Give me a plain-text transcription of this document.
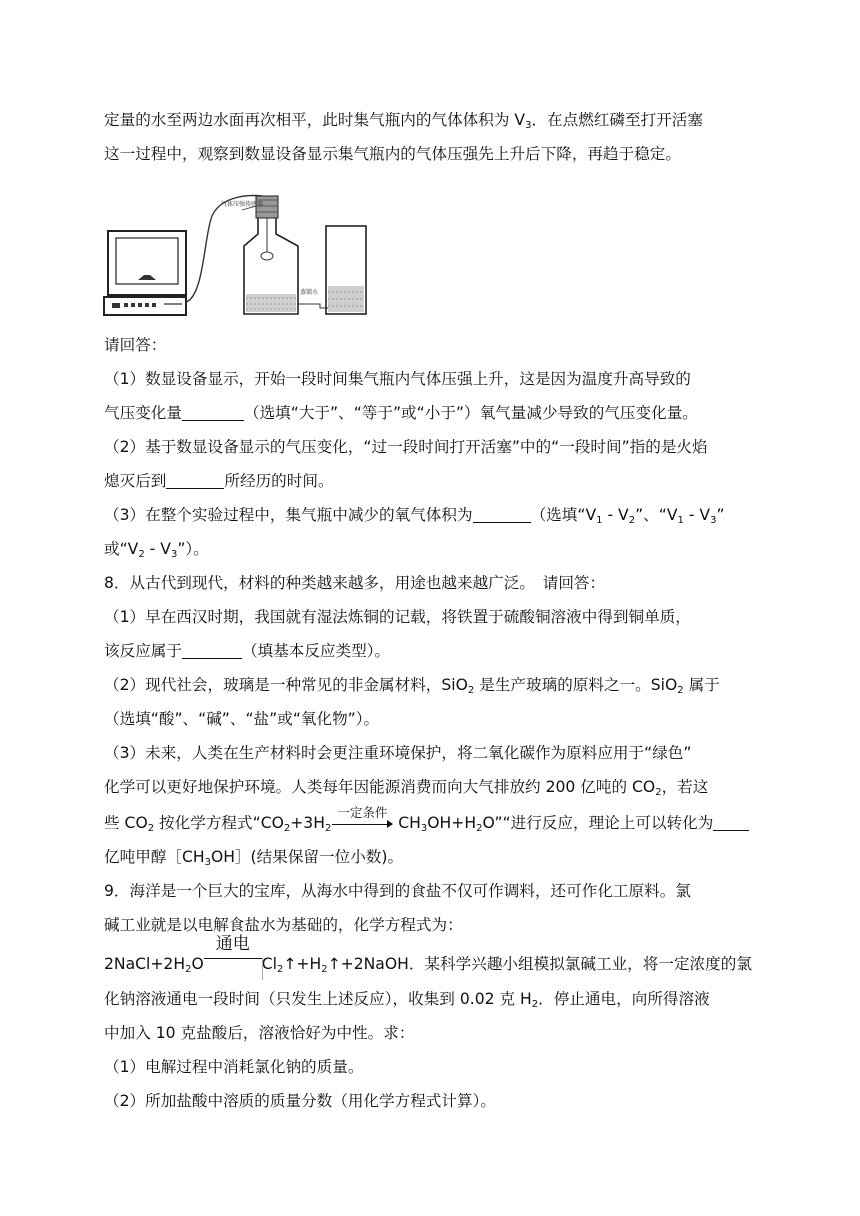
定量的水至两边水面再次相平，此时集气瓶内的气体体积为 $V_3$．在点燃红磷至打开活塞
这一过程中，观察到数显设备显示集气瓶内的气体压强先上升后下降，再趋于稳定。
气体压强传感器
蒸馏水
请回答：
（1）数显设备显示，开始一段时间集气瓶内气体压强上升，这是因为温度升高导致的
气压变化量	（选填“大于”、“等于”或“小于”）氧气量减少导致的气压变化量。
（2）基于数显设备显示的气压变化，“过一段时间打开活塞”中的“一段时间”指的是火焰
熄灭后到	所经历的时间。
（3）在整个实验过程中，集气瓶中减少的氧气体积为	（选填“$V_1 - V_2$”、“$V_1 - V_3$”
或“$V_2$ - $V_3$”）。
8．从古代到现代，材料的种类越来越多，用途也越来越广泛。　请回答：
（1）早在西汉时期，我国就有湿法炼铜的记载，将铁置于硫酸铜溶液中得到铜单质，
该反应属于	（填基本反应类型）。
（2）现代社会，玻璃是一种常见的非金属材料，SiO$_2$ 是生产玻璃的原料之一。SiO$_2$ 属于
（选填“酸”、“碱”、“盐”或“氧化物”）。
（3）未来，人类在生产材料时会更注重环境保护，将二氧化碳作为原料应用于“绿色”
化学可以更好地保护环境。人类每年因能源消费而向大气排放约 200 亿吨的 $CO_2$，若这
些 $CO_2$ 按化学方程式“$CO_2+3H_2$
一定条件
$CH_3OH+H_2O”“$进行反应，理论上可以转化为
亿吨甲醇$[CH_3OH]$(结果保留一位小数)。
9．海洋是一个巨大的宝库，从海水中得到的食盐不仅可作调料，还可作化工原料。氯
碱工业就是以电解食盐水为基础的，化学方程式为：
$2NaCl+2H_2O$
通电
$Cl_2↑+H_2↑+2NaOH$．某科学兴趣小组模拟氯碱工业，将一定浓度的氯
化钠溶液通电一段时间（只发生上述反应），收集到 0.02 克 $H_2$．停止通电，向所得溶液
中加入 10 克盐酸后，溶液恰好为中性。求：
（1）电解过程中消耗氯化钠的质量。
（2）所加盐酸中溶质的质量分数（用化学方程式计算）。
